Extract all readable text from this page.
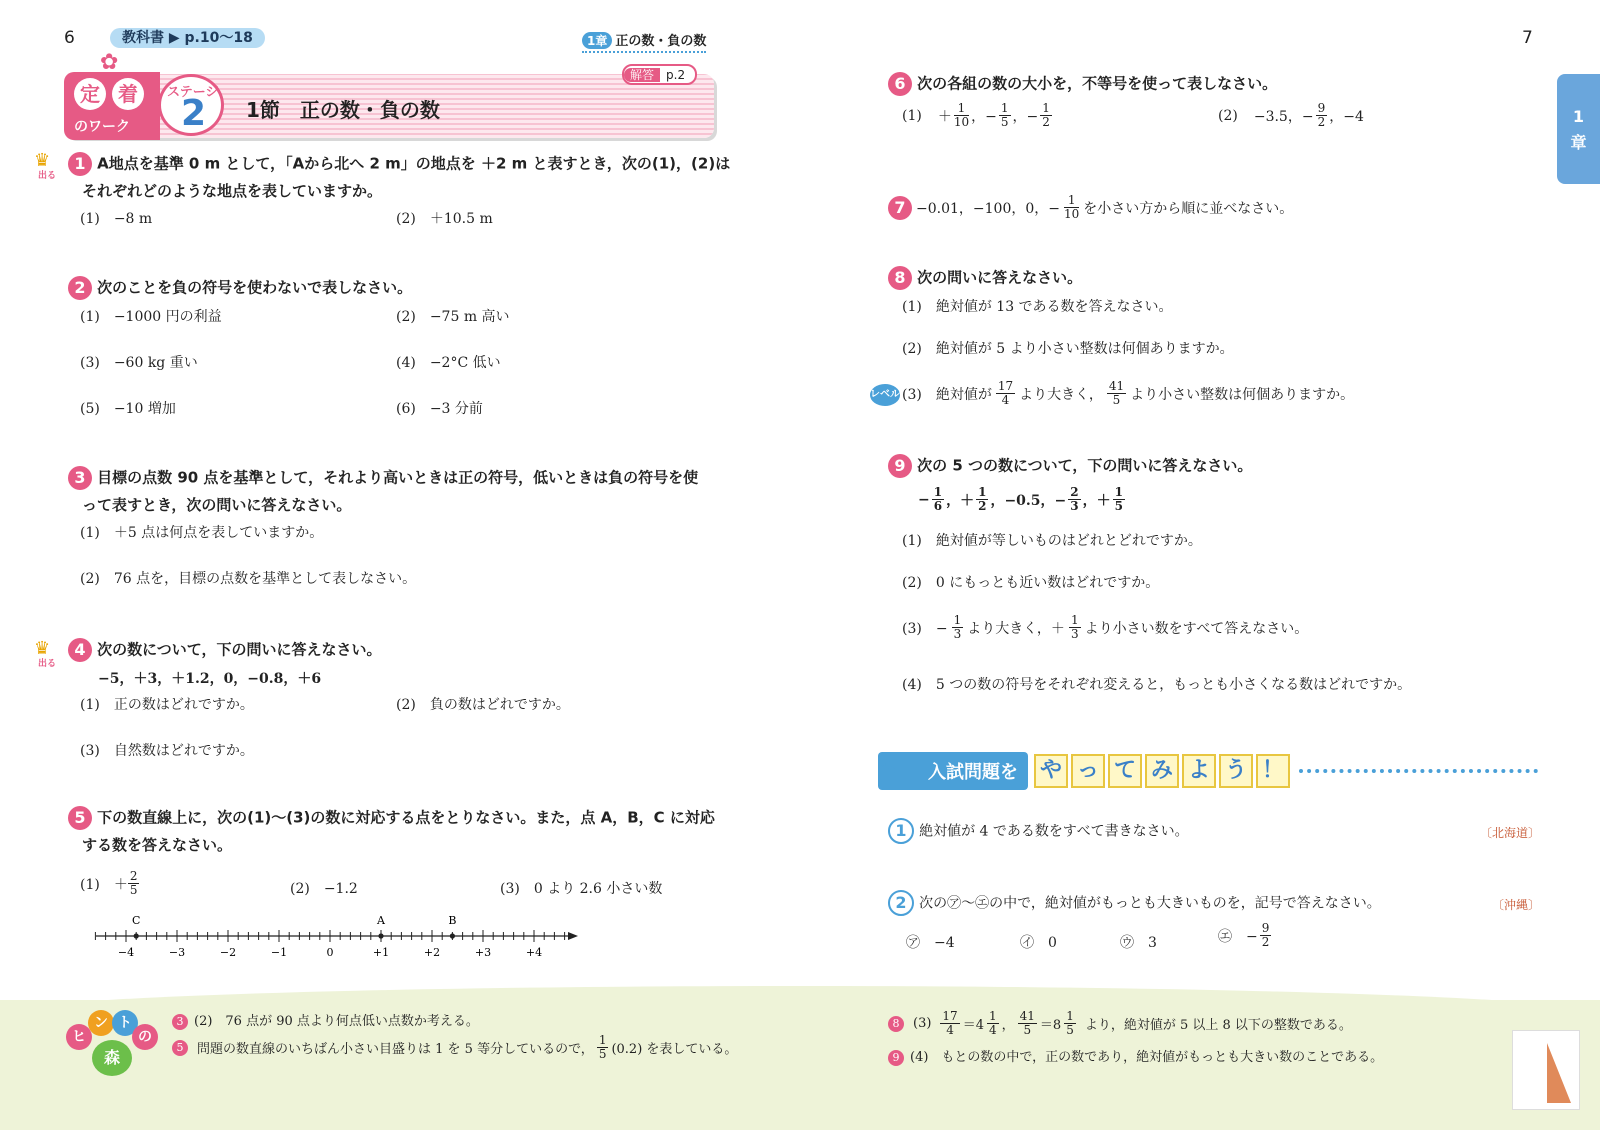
6	教科書 ▶ p.10〜18	1章 正の数・負の数	7
定 着
のワーク
✿
ステージ
2 1節　正の数・負の数
解答 p.2
♛
出る
1 A地点を基準 0 m として，「Aから北へ 2 m」の地点を ＋2 m と表すとき，次の(1)，(2)は
それぞれどのような地点を表していますか。
(1)　−8 m	(2)　＋10.5 m
2 次のことを負の符号を使わないで表しなさい。
(1)　−1000 円の利益	(2)　−75 m 高い
(3)　−60 kg 重い	(4)　−2°C 低い
(5)　−10 増加	(6)　−3 分前
3 目標の点数 90 点を基準として，それより高いときは正の符号，低いときは負の符号を使
って表すとき，次の問いに答えなさい。
(1)　＋5 点は何点を表していますか。
(2)　76 点を，目標の点数を基準として表しなさい。
♛
出る
4 次の数について，下の問いに答えなさい。
−5，＋3，＋1.2，0，−0.8，＋6
(1)　正の数はどれですか。	(2)　負の数はどれですか。
(3)　自然数はどれですか。
5 下の数直線上に，次の(1)〜(3)の数に対応する点をとりなさい。また，点 A，B，C に対応
する数を答えなさい。
(1)　＋ $\frac{2}{5}$	(2)　−1.2	(3)　0 より 2.6 小さい数
−4	−3	−2	−1	0	+1	+2	+3	+4
C	A	B
1
章
6 次の各組の数の大小を，不等号を使って表しなさい。
$(1) + \frac{1}{10}$ ，− $\frac{1}{5}$ ，− $\frac{1}{2}$	(2) −3.5，− $\frac{9}{2}$ ，−4
7 −0.01，−100，0，− $\frac{1}{10}$ を小さい方から順に並べなさい。
8 次の問いに答えなさい。
(1)　絶対値が 13 である数を答えなさい。
(2)　絶対値が 5 より小さい整数は何個ありますか。
レベルUP
(3)　絶対値が $\frac{17}{4}$ より大きく， $\frac{41}{5}$ より小さい整数は何個ありますか。
9 次の 5 つの数について，下の問いに答えなさい。
− $\frac{1}{6}$ ，＋ $\frac{1}{2}$ ，−0.5，− $\frac{2}{3}$ ，＋ $\frac{1}{5}$
(1)　絶対値が等しいものはどれとどれですか。
(2)　0 にもっとも近い数はどれですか。
(3)　− $\frac{1}{3}$ より大きく，＋ $\frac{1}{3}$ より小さい数をすべて答えなさい。
(4)　5 つの数の符号をそれぞれ変えると，もっとも小さくなる数はどれですか。
✎	入試問題を や っ て み よ う ！
1 絶対値が 4 である数をすべて書きなさい。	〔北海道〕
2 次の㋐〜㋓の中で，絶対値がもっとも大きいものを，記号で答えなさい。	〔沖縄〕
㋐　−4	㋑　0	㋒　3	㋓　− $\frac{9}{2}$
ヒ
ン ト
の
森
3 (2)　76 点が 90 点より何点低い点数か考える。
5	問題の数直線のいちばん小さい目盛りは 1 を 5 等分しているので， $\frac{1}{5} (0.2)$ を表している。
8	$(3) \frac{17}{4} =4 \frac{1}{4}$ ， $\frac{41}{5} =8 \frac{1}{5}$ より，絶対値が 5 以上 8 以下の整数である。
9 (4)　もとの数の中で，正の数であり，絶対値がもっとも大きい数のことである。
